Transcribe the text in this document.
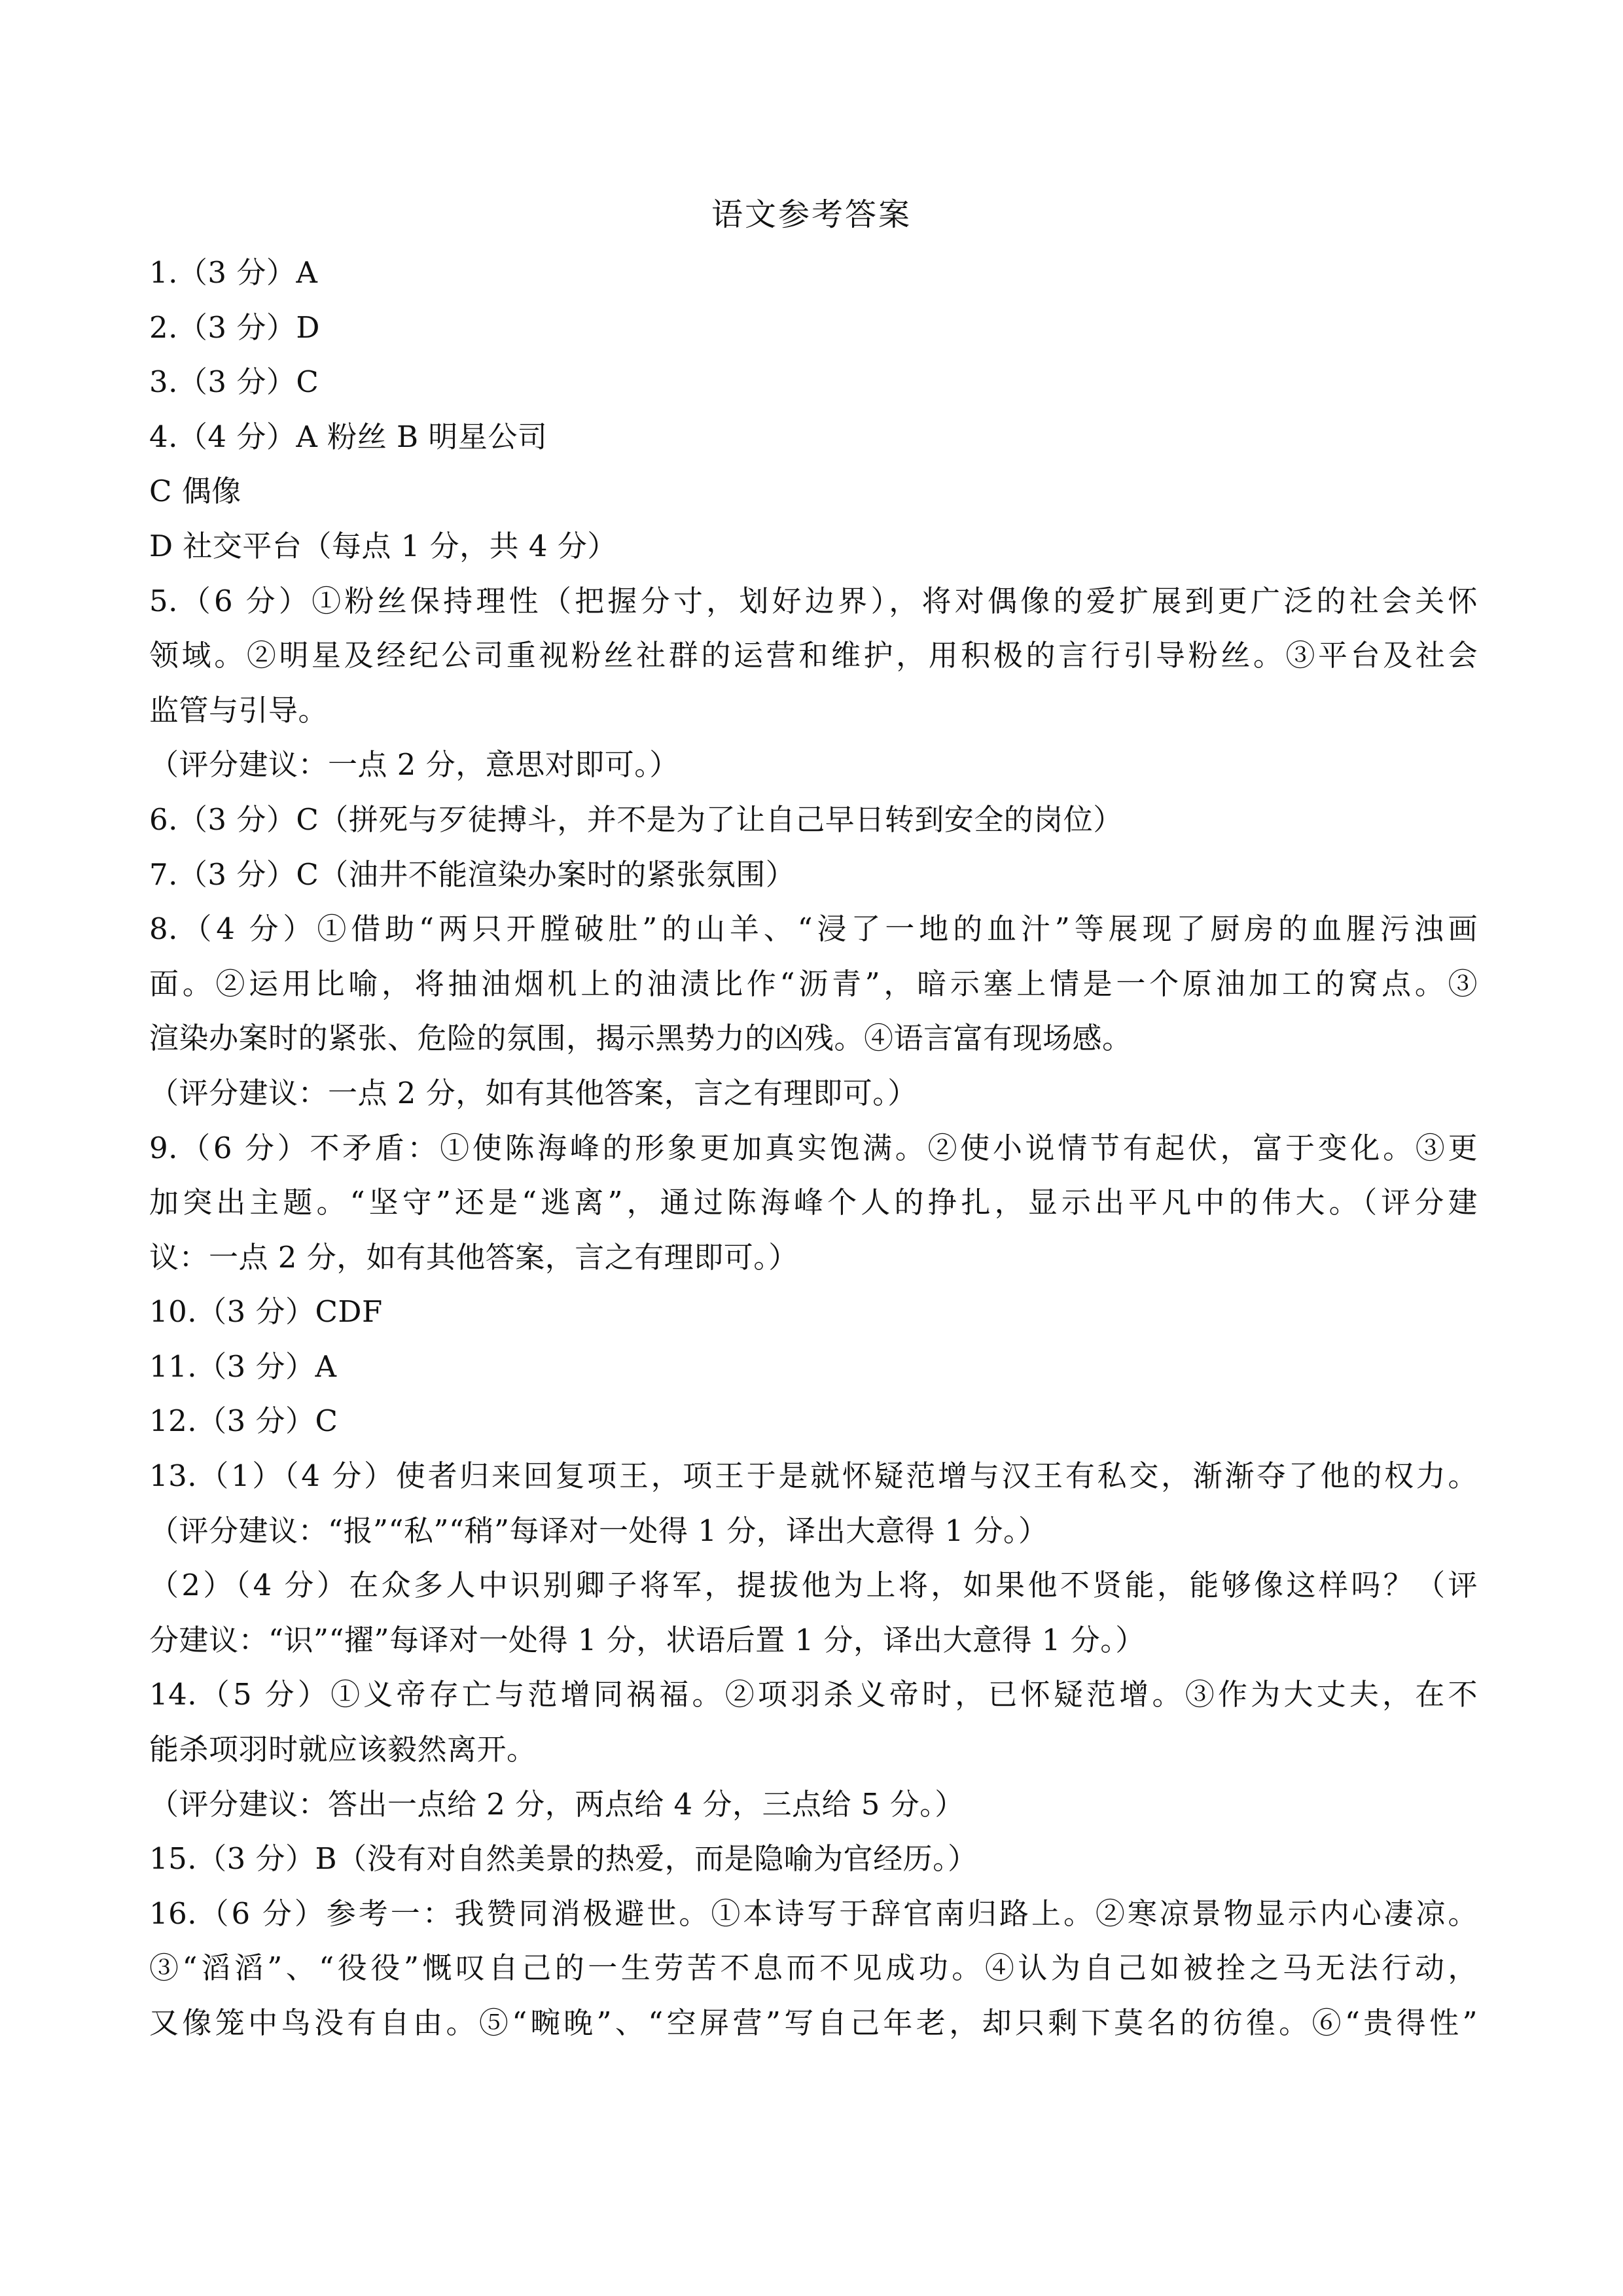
语文参考答案
1.（3 分）A
2.（3 分）D
3.（3 分）C
4.（4 分）A 粉丝 B 明星公司
C 偶像
D 社交平台（每点 1 分，共 4 分）
5.（6 分）①粉丝保持理性（把握分寸，划好边界），将对偶像的爱扩展到更广泛的社会关怀
领域。②明星及经纪公司重视粉丝社群的运营和维护，用积极的言行引导粉丝。③平台及社会
监管与引导。
（评分建议：一点 2 分，意思对即可。）
6.（3 分）C（拼死与歹徒搏斗，并不是为了让自己早日转到安全的岗位）
7.（3 分）C（油井不能渲染办案时的紧张氛围）
8.（4 分）①借助“两只开膛破肚”的山羊、“浸了一地的血汁”等展现了厨房的血腥污浊画
面。②运用比喻，将抽油烟机上的油渍比作“沥青”，暗示塞上情是一个原油加工的窝点。③
渲染办案时的紧张、危险的氛围，揭示黑势力的凶残。④语言富有现场感。
（评分建议：一点 2 分，如有其他答案，言之有理即可。）
9.（6 分）不矛盾：①使陈海峰的形象更加真实饱满。②使小说情节有起伏，富于变化。③更
加突出主题。“坚守”还是“逃离”，通过陈海峰个人的挣扎，显示出平凡中的伟大。（评分建
议：一点 2 分，如有其他答案，言之有理即可。）
10.（3 分）CDF
11.（3 分）A
12.（3 分）C
13.（1）（4 分）使者归来回复项王，项王于是就怀疑范增与汉王有私交，渐渐夺了他的权力。
（评分建议：“报”“私”“稍”每译对一处得 1 分，译出大意得 1 分。）
（2）（4 分）在众多人中识别卿子将军，提拔他为上将，如果他不贤能，能够像这样吗？（评
分建议：“识”“擢”每译对一处得 1 分，状语后置 1 分，译出大意得 1 分。）
14.（5 分）①义帝存亡与范增同祸福。②项羽杀义帝时，已怀疑范增。③作为大丈夫，在不
能杀项羽时就应该毅然离开。
（评分建议：答出一点给 2 分，两点给 4 分，三点给 5 分。）
15.（3 分）B（没有对自然美景的热爱，而是隐喻为官经历。）
16.（6 分）参考一：我赞同消极避世。①本诗写于辞官南归路上。②寒凉景物显示内心凄凉。
③“滔滔”、“役役”慨叹自己的一生劳苦不息而不见成功。④认为自己如被拴之马无法行动，
又像笼中鸟没有自由。⑤“畹晚”、“空屏营”写自己年老，却只剩下莫名的彷徨。⑥“贵得性”
